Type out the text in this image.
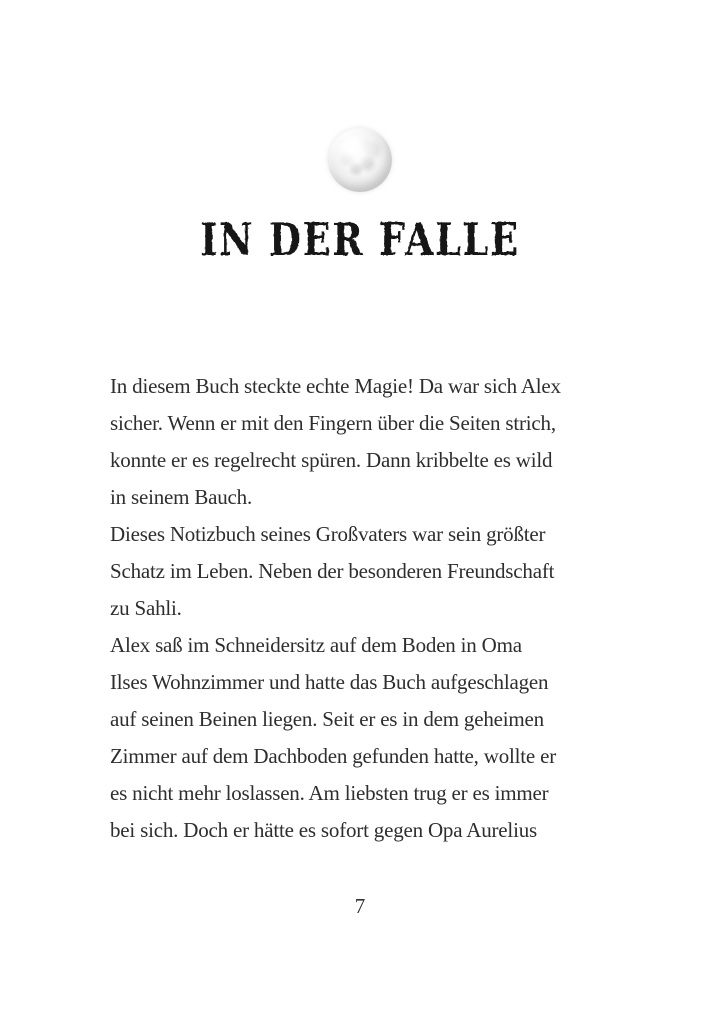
IN DER FALLE

In diesem Buch steckte echte Magie! Da war sich Alex

sicher. Wenn er mit den Fingern über die Seiten strich,

konnte er es regelrecht spüren. Dann kribbelte es wild

in seinem Bauch.

Dieses Notizbuch seines Großvaters war sein größter

Schatz im Leben. Neben der besonderen Freundschaft

zu Sahli.

Alex saß im Schneidersitz auf dem Boden in Oma

Ilses Wohnzimmer und hatte das Buch aufgeschlagen

auf seinen Beinen liegen. Seit er es in dem geheimen

Zimmer auf dem Dachboden gefunden hatte, wollte er

es nicht mehr loslassen. Am liebsten trug er es immer

bei sich. Doch er hätte es sofort gegen Opa Aurelius

7
